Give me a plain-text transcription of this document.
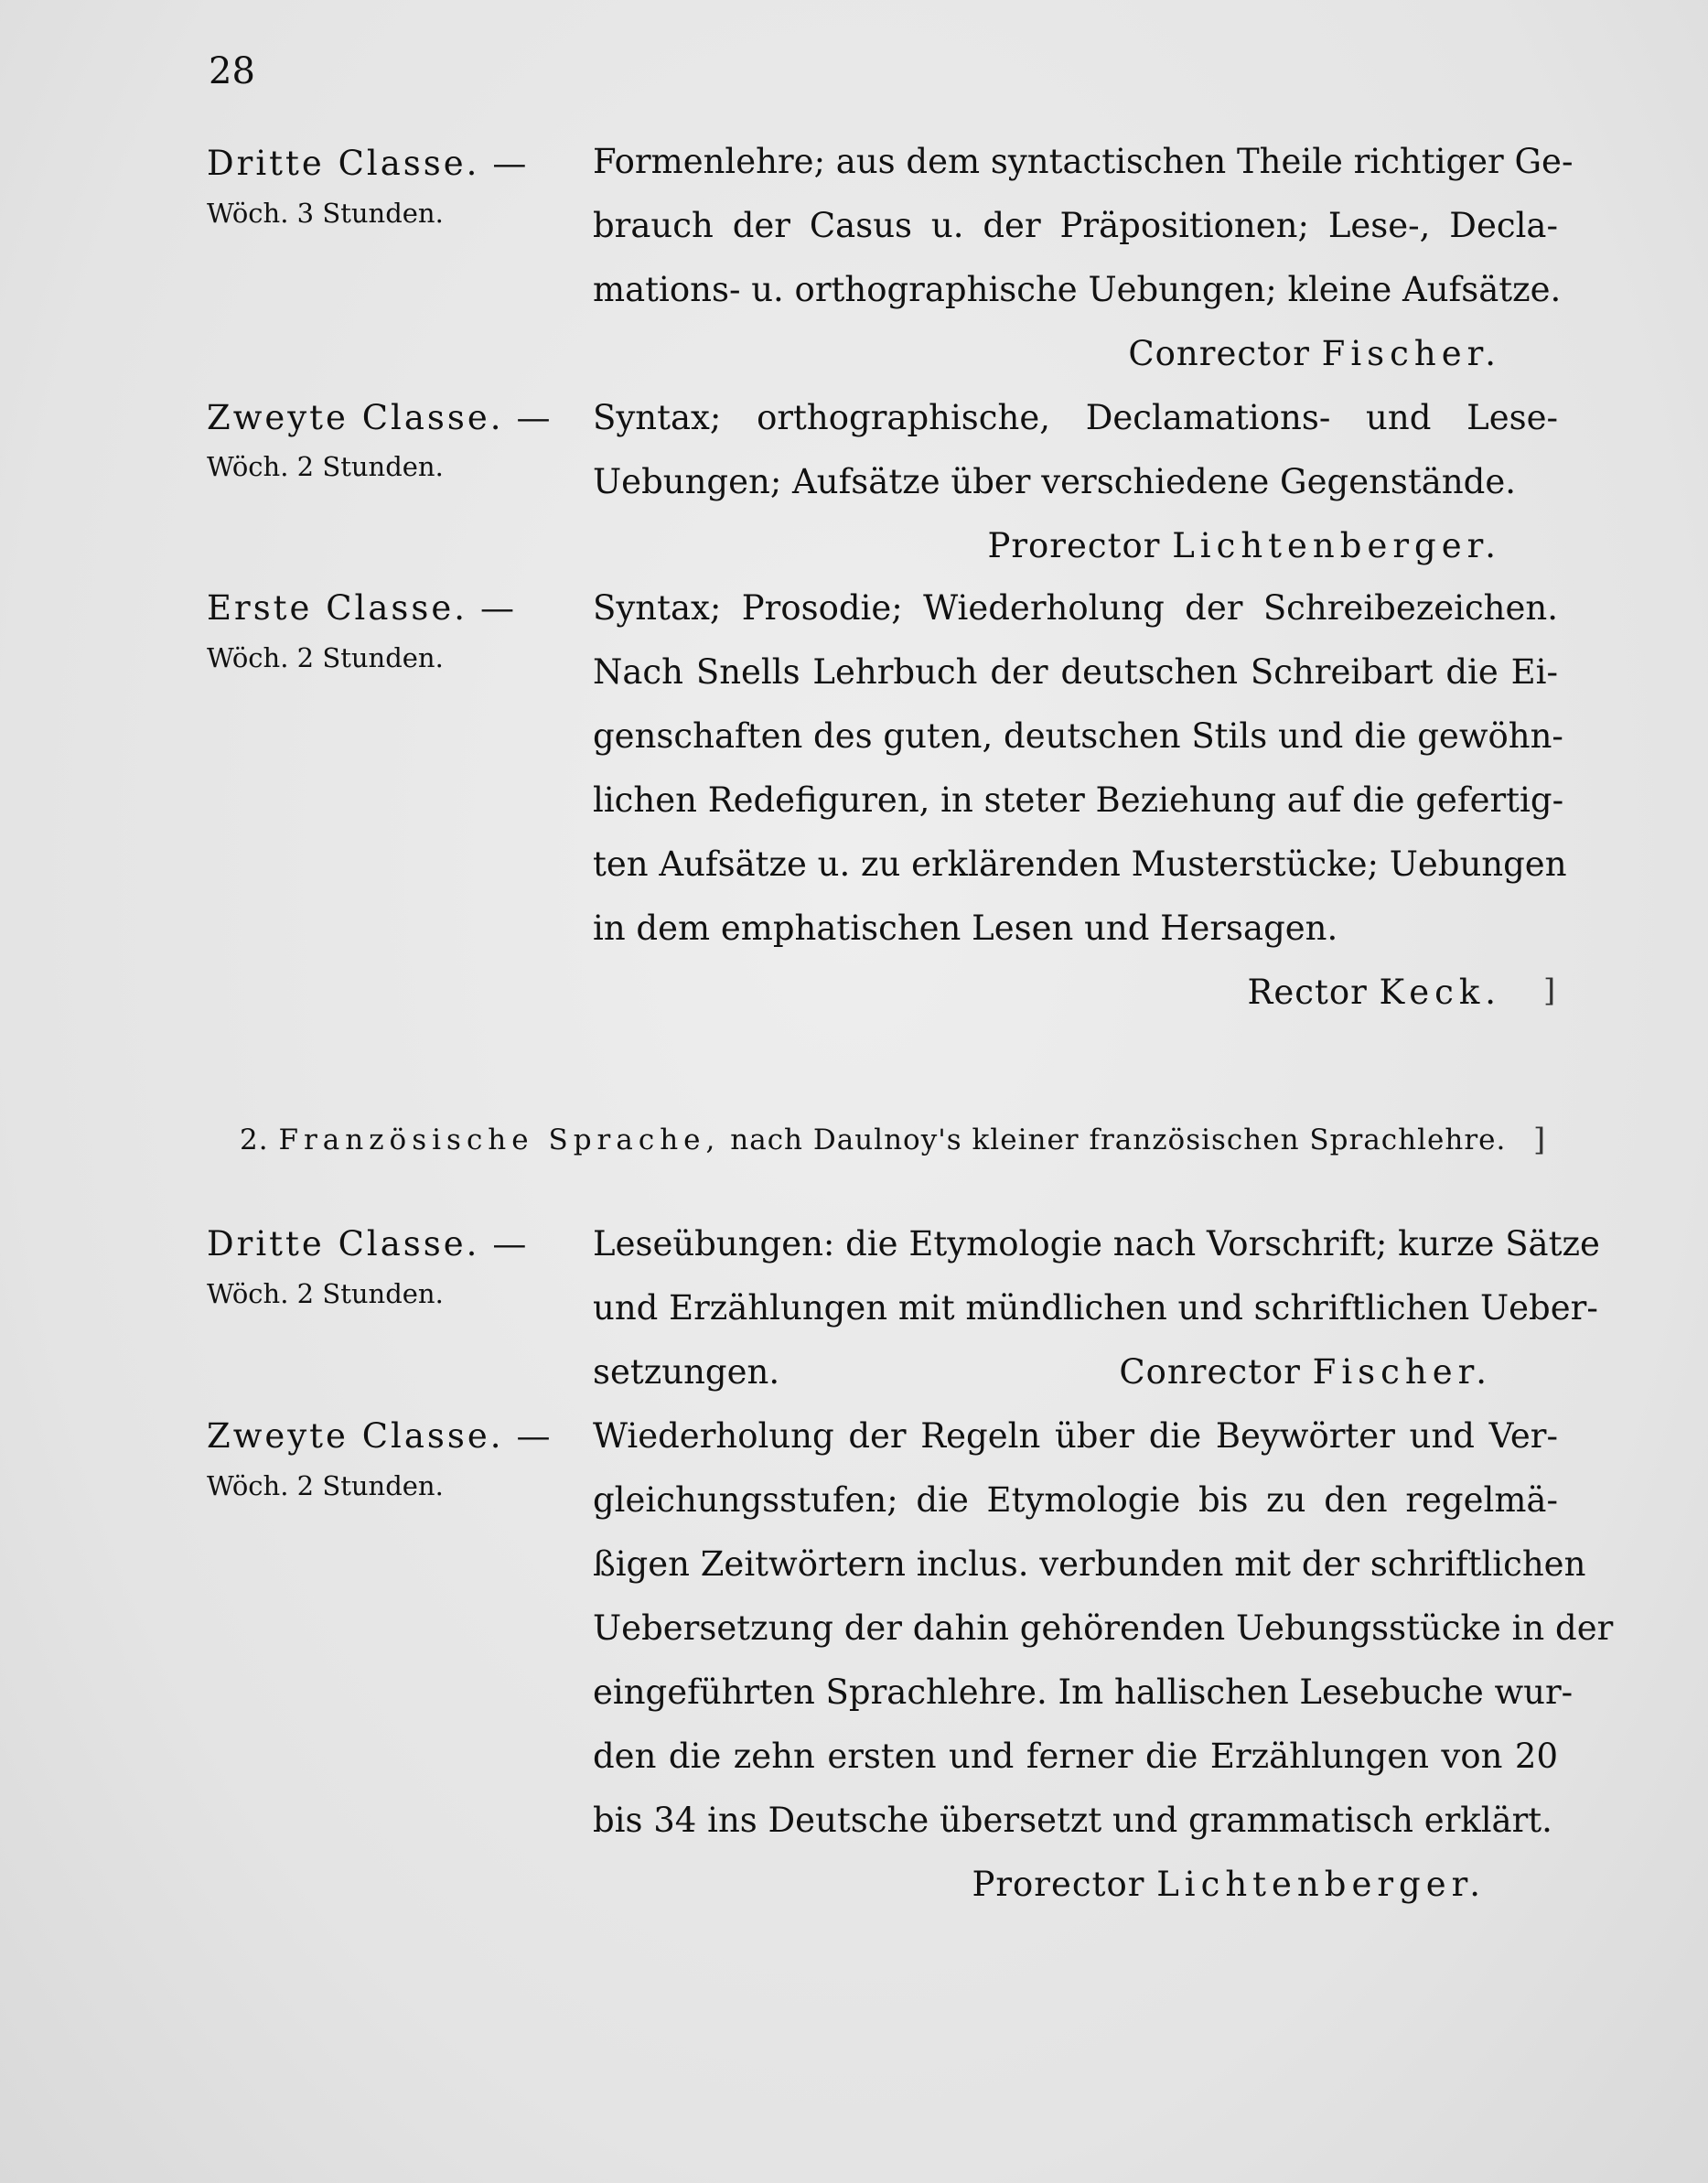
28
Dritte Classe. —
Wöch. 3 Stunden.
Formenlehre; aus dem syntactischen Theile richtiger Ge-
brauch der Casus u. der Präpositionen; Lese-, Decla-
mations- u. orthographische Uebungen; kleine Aufsätze.
Conrector Fischer.
Zweyte Classe. —
Wöch. 2 Stunden.
Syntax; orthographische, Declamations- und Lese-
Uebungen; Aufsätze über verschiedene Gegenstände.
Prorector Lichtenberger.
Erste Classe. —
Wöch. 2 Stunden.
Syntax; Prosodie; Wiederholung der Schreibezeichen.
Nach Snells Lehrbuch der deutschen Schreibart die Ei-
genschaften des guten, deutschen Stils und die gewöhn-
lichen Redefiguren, in steter Beziehung auf die gefertig-
ten Aufsätze u. zu erklärenden Musterstücke; Uebungen
in dem emphatischen Lesen und Hersagen.
Rector Keck. ]
2. Französische Sprache, nach Daulnoy's kleiner französischen Sprachlehre. ]
Dritte Classe. —
Wöch. 2 Stunden.
Leseübungen: die Etymologie nach Vorschrift; kurze Sätze
und Erzählungen mit mündlichen und schriftlichen Ueber-
setzungen.	Conrector Fischer.
Zweyte Classe. —
Wöch. 2 Stunden.
Wiederholung der Regeln über die Beywörter und Ver-
gleichungsstufen; die Etymologie bis zu den regelmä-
ßigen Zeitwörtern inclus. verbunden mit der schriftlichen
Uebersetzung der dahin gehörenden Uebungsstücke in der
eingeführten Sprachlehre. Im hallischen Lesebuche wur-
den die zehn ersten und ferner die Erzählungen von 20
bis 34 ins Deutsche übersetzt und grammatisch erklärt.
Prorector Lichtenberger.
